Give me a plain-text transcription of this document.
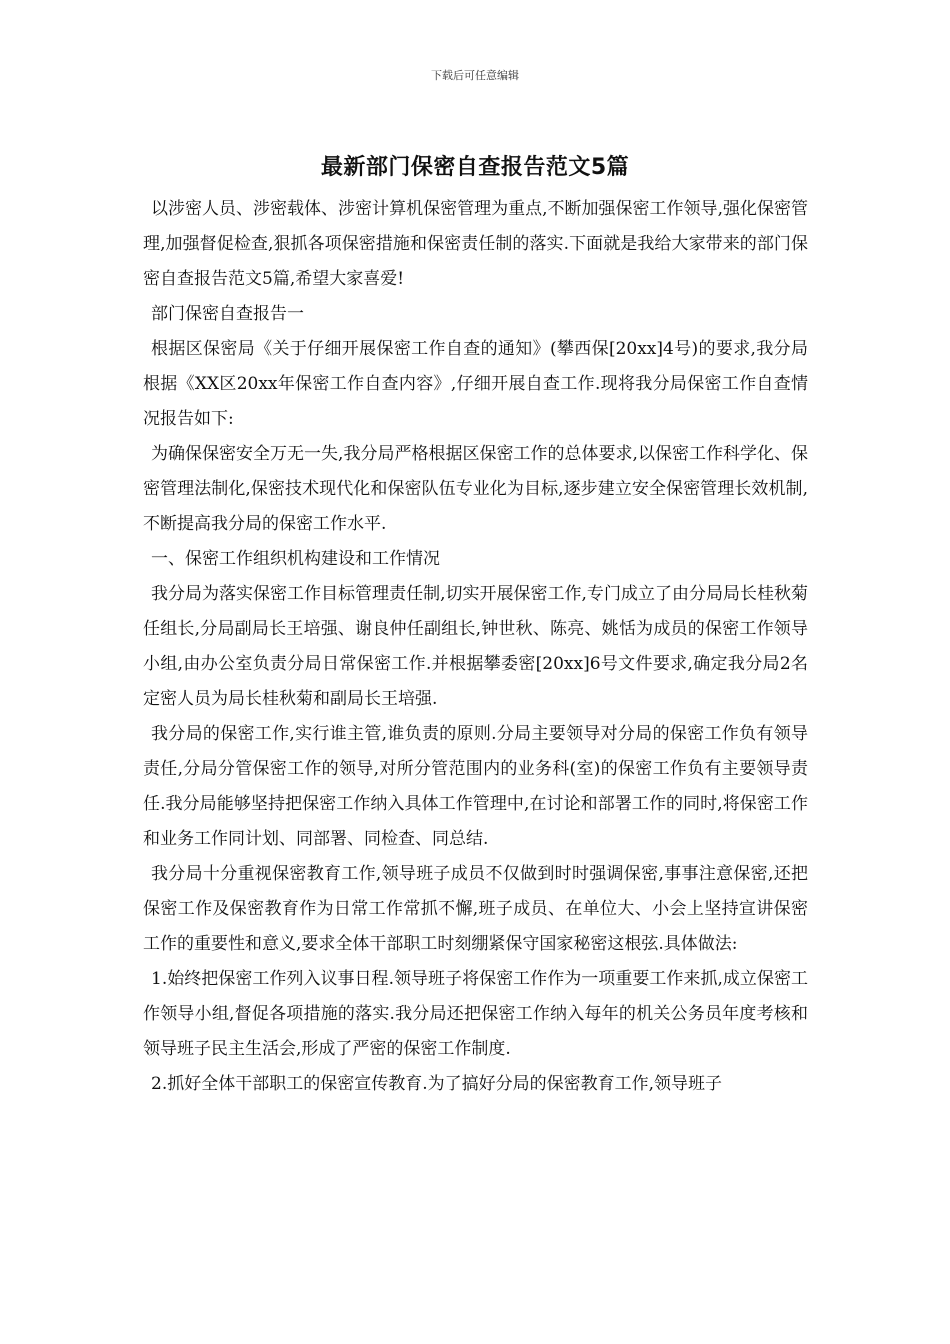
下载后可任意编辑
最新部门保密自查报告范文5篇

以涉密人员、涉密载体、涉密计算机保密管理为重点,不断加强保密工作领导,强化保密管理,加强督促检查,狠抓各项保密措施和保密责任制的落实.下面就是我给大家带来的部门保密自查报告范文5篇,希望大家喜爱!

部门保密自查报告一

根据区保密局《关于仔细开展保密工作自查的通知》(攀西保[20xx]4号)的要求,我分局根据《XX区20xx年保密工作自查内容》,仔细开展自查工作.现将我分局保密工作自查情况报告如下:

为确保保密安全万无一失,我分局严格根据区保密工作的总体要求,以保密工作科学化、保密管理法制化,保密技术现代化和保密队伍专业化为目标,逐步建立安全保密管理长效机制,不断提高我分局的保密工作水平.

一、保密工作组织机构建设和工作情况

我分局为落实保密工作目标管理责任制,切实开展保密工作,专门成立了由分局局长桂秋菊任组长,分局副局长王培强、谢良仲任副组长,钟世秋、陈亮、姚恬为成员的保密工作领导小组,由办公室负责分局日常保密工作.并根据攀委密[20xx]6号文件要求,确定我分局2名定密人员为局长桂秋菊和副局长王培强.

我分局的保密工作,实行谁主管,谁负责的原则.分局主要领导对分局的保密工作负有领导责任,分局分管保密工作的领导,对所分管范围内的业务科(室)的保密工作负有主要领导责任.我分局能够坚持把保密工作纳入具体工作管理中,在讨论和部署工作的同时,将保密工作和业务工作同计划、同部署、同检查、同总结.

我分局十分重视保密教育工作,领导班子成员不仅做到时时强调保密,事事注意保密,还把保密工作及保密教育作为日常工作常抓不懈,班子成员、在单位大、小会上坚持宣讲保密工作的重要性和意义,要求全体干部职工时刻绷紧保守国家秘密这根弦.具体做法:

1.始终把保密工作列入议事日程.领导班子将保密工作作为一项重要工作来抓,成立保密工作领导小组,督促各项措施的落实.我分局还把保密工作纳入每年的机关公务员年度考核和领导班子民主生活会,形成了严密的保密工作制度.

2.抓好全体干部职工的保密宣传教育.为了搞好分局的保密教育工作,领导班子
